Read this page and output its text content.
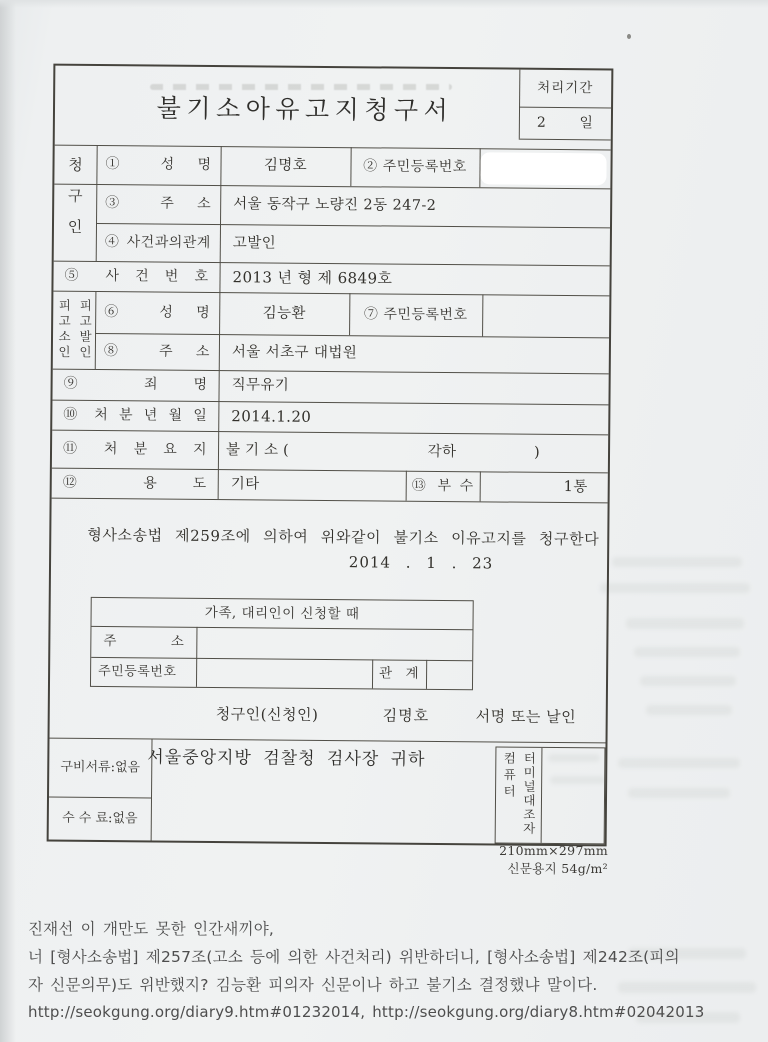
불기소아유고지청구서
처리기간
2 일
청구인
피고소인 피고발인
① 성 명	김명호	② 주민등록번호
③ 주 소	서울 동작구 노량진 2동 247-2
④ 사건과의관계	고발인
⑤ 사 건 번 호	2013 년 형 제 6849호
⑥ 성 명	김능환	⑦ 주민등록번호
⑧ 주 소	서울 서초구 대법원
⑨ 죄 명	직무유기
⑩ 처 분 년 월 일	2014.1.20
⑪ 처 분 요 지	불기소(	각하	)
⑫ 용 도	기타	⑬ 부 수	1통
형사소송법 제259조에 의하여 위와같이 불기소 이유고지를 청구한다
2014 . 1 . 23
가족, 대리인이 신청할 때
주 소
주민등록번호	관 계
청구인(신청인)	김명호	서명 또는 날인
구비서류:없음
수 수 료:없음
서울중앙지방 검찰청 검사장 귀하	컴퓨터 터미널대조자
210mm×297mm
신문용지 54g/m²
진재선 이 개만도 못한 인간새끼야,
너 [형사소송법] 제257조(고소 등에 의한 사건처리) 위반하더니, [형사소송법] 제242조(피의
자 신문의무)도 위반했지? 김능환 피의자 신문이나 하고 불기소 결정했냐 말이다.
http://seokgung.org/diary9.htm#01232014, http://seokgung.org/diary8.htm#02042013
